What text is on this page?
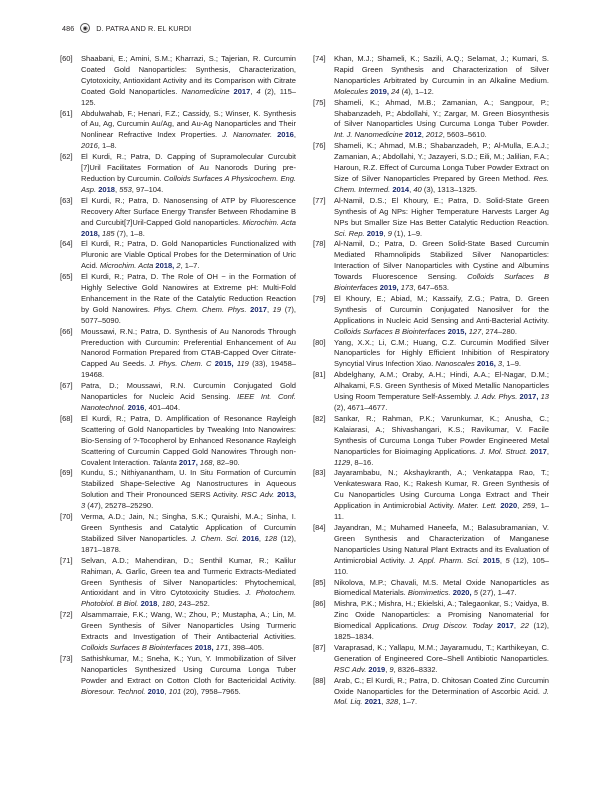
486	◉	D. PATRA AND R. EL KURDI
[60]	Shaabani, E.; Amini, S.M.; Kharrazi, S.; Tajerian, R. Curcumin Coated Gold Nanoparticles: Synthesis, Characterization, Cytotoxicity, Antioxidant Activity and its Comparison with Citrate Coated Gold Nanoparticles. Nanomedicine 2017, 4 (2), 115–125.
[61]	Abdulwahab, F.; Henari, F.Z.; Cassidy, S.; Winser, K. Synthesis of Au, Ag, Curcumin Au/Ag, and Au-Ag Nanoparticles and Their Nonlinear Refractive Index Properties. J. Nanomater. 2016, 2016, 1–8.
[62]	El Kurdi, R.; Patra, D. Capping of Supramolecular Curcubit [7]Uril Facilitates Formation of Au Nanorods During pre-Reduction by Curcumin. Colloids Surfaces A Physicochem. Eng. Asp. 2018, 553, 97–104.
[63]	El Kurdi, R.; Patra, D. Nanosensing of ATP by Fluorescence Recovery After Surface Energy Transfer Between Rhodamine B and Curcubit[7]Uril-Capped Gold nanoparticles. Microchim. Acta 2018, 185 (7), 1–8.
[64]	El Kurdi, R.; Patra, D. Gold Nanoparticles Functionalized with Pluronic are Viable Optical Probes for the Determination of Uric Acid. Microchim. Acta 2018, 2, 1–7.
[65]	El Kurdi, R.; Patra, D. The Role of OH − in the Formation of Highly Selective Gold Nanowires at Extreme pH: Multi-Fold Enhancement in the Rate of the Catalytic Reduction Reaction by Gold Nanowires. Phys. Chem. Chem. Phys. 2017, 19 (7), 5077–5090.
[66]	Moussawi, R.N.; Patra, D. Synthesis of Au Nanorods Through Prereduction with Curcumin: Preferential Enhancement of Au Nanorod Formation Prepared from CTAB-Capped Over Citrate-Capped Au Seeds. J. Phys. Chem. C 2015, 119 (33), 19458–19468.
[67]	Patra, D.; Moussawi, R.N. Curcumin Conjugated Gold Nanoparticles for Nucleic Acid Sensing. IEEE Int. Conf. Nanotechnol. 2016, 401–404.
[68]	El Kurdi, R.; Patra, D. Amplification of Resonance Rayleigh Scattering of Gold Nanoparticles by Tweaking Into Nanowires: Bio-Sensing of ?-Tocopherol by Enhanced Resonance Rayleigh Scattering of Curcumin Capped Gold Nanowires Through non-Covalent Interaction. Talanta 2017, 168, 82–90.
[69]	Kundu, S.; Nithiyanantham, U. In Situ Formation of Curcumin Stabilized Shape-Selective Ag Nanostructures in Aqueous Solution and Their Pronounced SERS Activity. RSC Adv. 2013, 3 (47), 25278–25290.
[70]	Verma, A.D.; Jain, N.; Singha, S.K.; Quraishi, M.A.; Sinha, I. Green Synthesis and Catalytic Application of Curcumin Stabilized Silver Nanoparticles. J. Chem. Sci. 2016, 128 (12), 1871–1878.
[71]	Selvan, A.D.; Mahendiran, D.; Senthil Kumar, R.; Kalilur Rahiman, A. Garlic, Green tea and Turmeric Extracts-Mediated Green Synthesis of Silver Nanoparticles: Phytochemical, Antioxidant and in Vitro Cytotoxicity Studies. J. Photochem. Photobiol. B Biol. 2018, 180, 243–252.
[72]	Alsammarraie, F.K.; Wang, W.; Zhou, P.; Mustapha, A.; Lin, M. Green Synthesis of Silver Nanoparticles Using Turmeric Extracts and Investigation of Their Antibacterial Activities. Colloids Surfaces B Biointerfaces 2018, 171, 398–405.
[73]	Sathishkumar, M.; Sneha, K.; Yun, Y. Immobilization of Silver Nanoparticles Synthesized Using Curcuma Longa Tuber Powder and Extract on Cotton Cloth for Bactericidal Activity. Bioresour. Technol. 2010, 101 (20), 7958–7965.
[74]	Khan, M.J.; Shameli, K.; Sazili, A.Q.; Selamat, J.; Kumari, S. Rapid Green Synthesis and Characterization of Silver Nanoparticles Arbitrated by Curcumin in an Alkaline Medium. Molecules 2019, 24 (4), 1–12.
[75]	Shameli, K.; Ahmad, M.B.; Zamanian, A.; Sangpour, P.; Shabanzadeh, P.; Abdollahi, Y.; Zargar, M. Green Biosynthesis of Silver Nanoparticles Using Curcuma Longa Tuber Powder. Int. J. Nanomedicine 2012, 2012, 5603–5610.
[76]	Shameli, K.; Ahmad, M.B.; Shabanzadeh, P.; Al-Mulla, E.A.J.; Zamanian, A.; Abdollahi, Y.; Jazayeri, S.D.; Eili, M.; Jalilian, F.A.; Haroun, R.Z. Effect of Curcuma Longa Tuber Powder Extract on Size of Silver Nanoparticles Prepared by Green Method. Res. Chem. Intermed. 2014, 40 (3), 1313–1325.
[77]	Al-Namil, D.S.; El Khoury, E.; Patra, D. Solid-State Green Synthesis of Ag NPs: Higher Temperature Harvests Larger Ag NPs but Smaller Size Has Better Catalytic Reduction Reaction. Sci. Rep. 2019, 9 (1), 1–9.
[78]	Al-Namil, D.; Patra, D. Green Solid-State Based Curcumin Mediated Rhamnolipids Stabilized Silver Nanoparticles: Interaction of Silver Nanoparticles with Cystine and Albumins Towards Fluorescence Sensing. Colloids Surfaces B Biointerfaces 2019, 173, 647–653.
[79]	El Khoury, E.; Abiad, M.; Kassaify, Z.G.; Patra, D. Green Synthesis of Curcumin Conjugated Nanosilver for the Applications in Nucleic Acid Sensing and Anti-Bacterial Activity. Colloids Surfaces B Biointerfaces 2015, 127, 274–280.
[80]	Yang, X.X.; Li, C.M.; Huang, C.Z. Curcumin Modified Silver Nanoparticles for Highly Efficient Inhibition of Respiratory Syncytial Virus Infection Xiao. Nanoscales 2016, 3, 1–9.
[81]	Abdelghany, A.M.; Oraby, A.H.; Hindi, A.A.; El-Nagar, D.M.; Alhakami, F.S. Green Synthesis of Mixed Metallic Nanoparticles Using Room Temperature Self-Assembly. J. Adv. Phys. 2017, 13 (2), 4671–4677.
[82]	Sankar, R.; Rahman, P.K.; Varunkumar, K.; Anusha, C.; Kalaiarasi, A.; Shivashangari, K.S.; Ravikumar, V. Facile Synthesis of Curcuma Longa Tuber Powder Engineered Metal Nanoparticles for Bioimaging Applications. J. Mol. Struct. 2017, 1129, 8–16.
[83]	Jayarambabu, N.; Akshaykranth, A.; Venkatappa Rao, T.; Venkateswara Rao, K.; Rakesh Kumar, R. Green Synthesis of Cu Nanoparticles Using Curcuma Longa Extract and Their Application in Antimicrobial Activity. Mater. Lett. 2020, 259, 1–11.
[84]	Jayandran, M.; Muhamed Haneefa, M.; Balasubramanian, V. Green Synthesis and Characterization of Manganese Nanoparticles Using Natural Plant Extracts and its Evaluation of Antimicrobial Activity. J. Appl. Pharm. Sci. 2015, 5 (12), 105–110.
[85]	Nikolova, M.P.; Chavali, M.S. Metal Oxide Nanoparticles as Biomedical Materials. Biomimetics. 2020, 5 (27), 1–47.
[86]	Mishra, P.K.; Mishra, H.; Ekielski, A.; Talegaonkar, S.; Vaidya, B. Zinc Oxide Nanoparticles: a Promising Nanomaterial for Biomedical Applications. Drug Discov. Today 2017, 22 (12), 1825–1834.
[87]	Varaprasad, K.; Yallapu, M.M.; Jayaramudu, T.; Karthikeyan, C. Generation of Engineered Core–Shell Antibiotic Nanoparticles. RSC Adv. 2019, 9, 8326–8332.
[88]	Arab, C.; El Kurdi, R.; Patra, D. Chitosan Coated Zinc Curcumin Oxide Nanoparticles for the Determination of Ascorbic Acid. J. Mol. Liq. 2021, 328, 1–7.
